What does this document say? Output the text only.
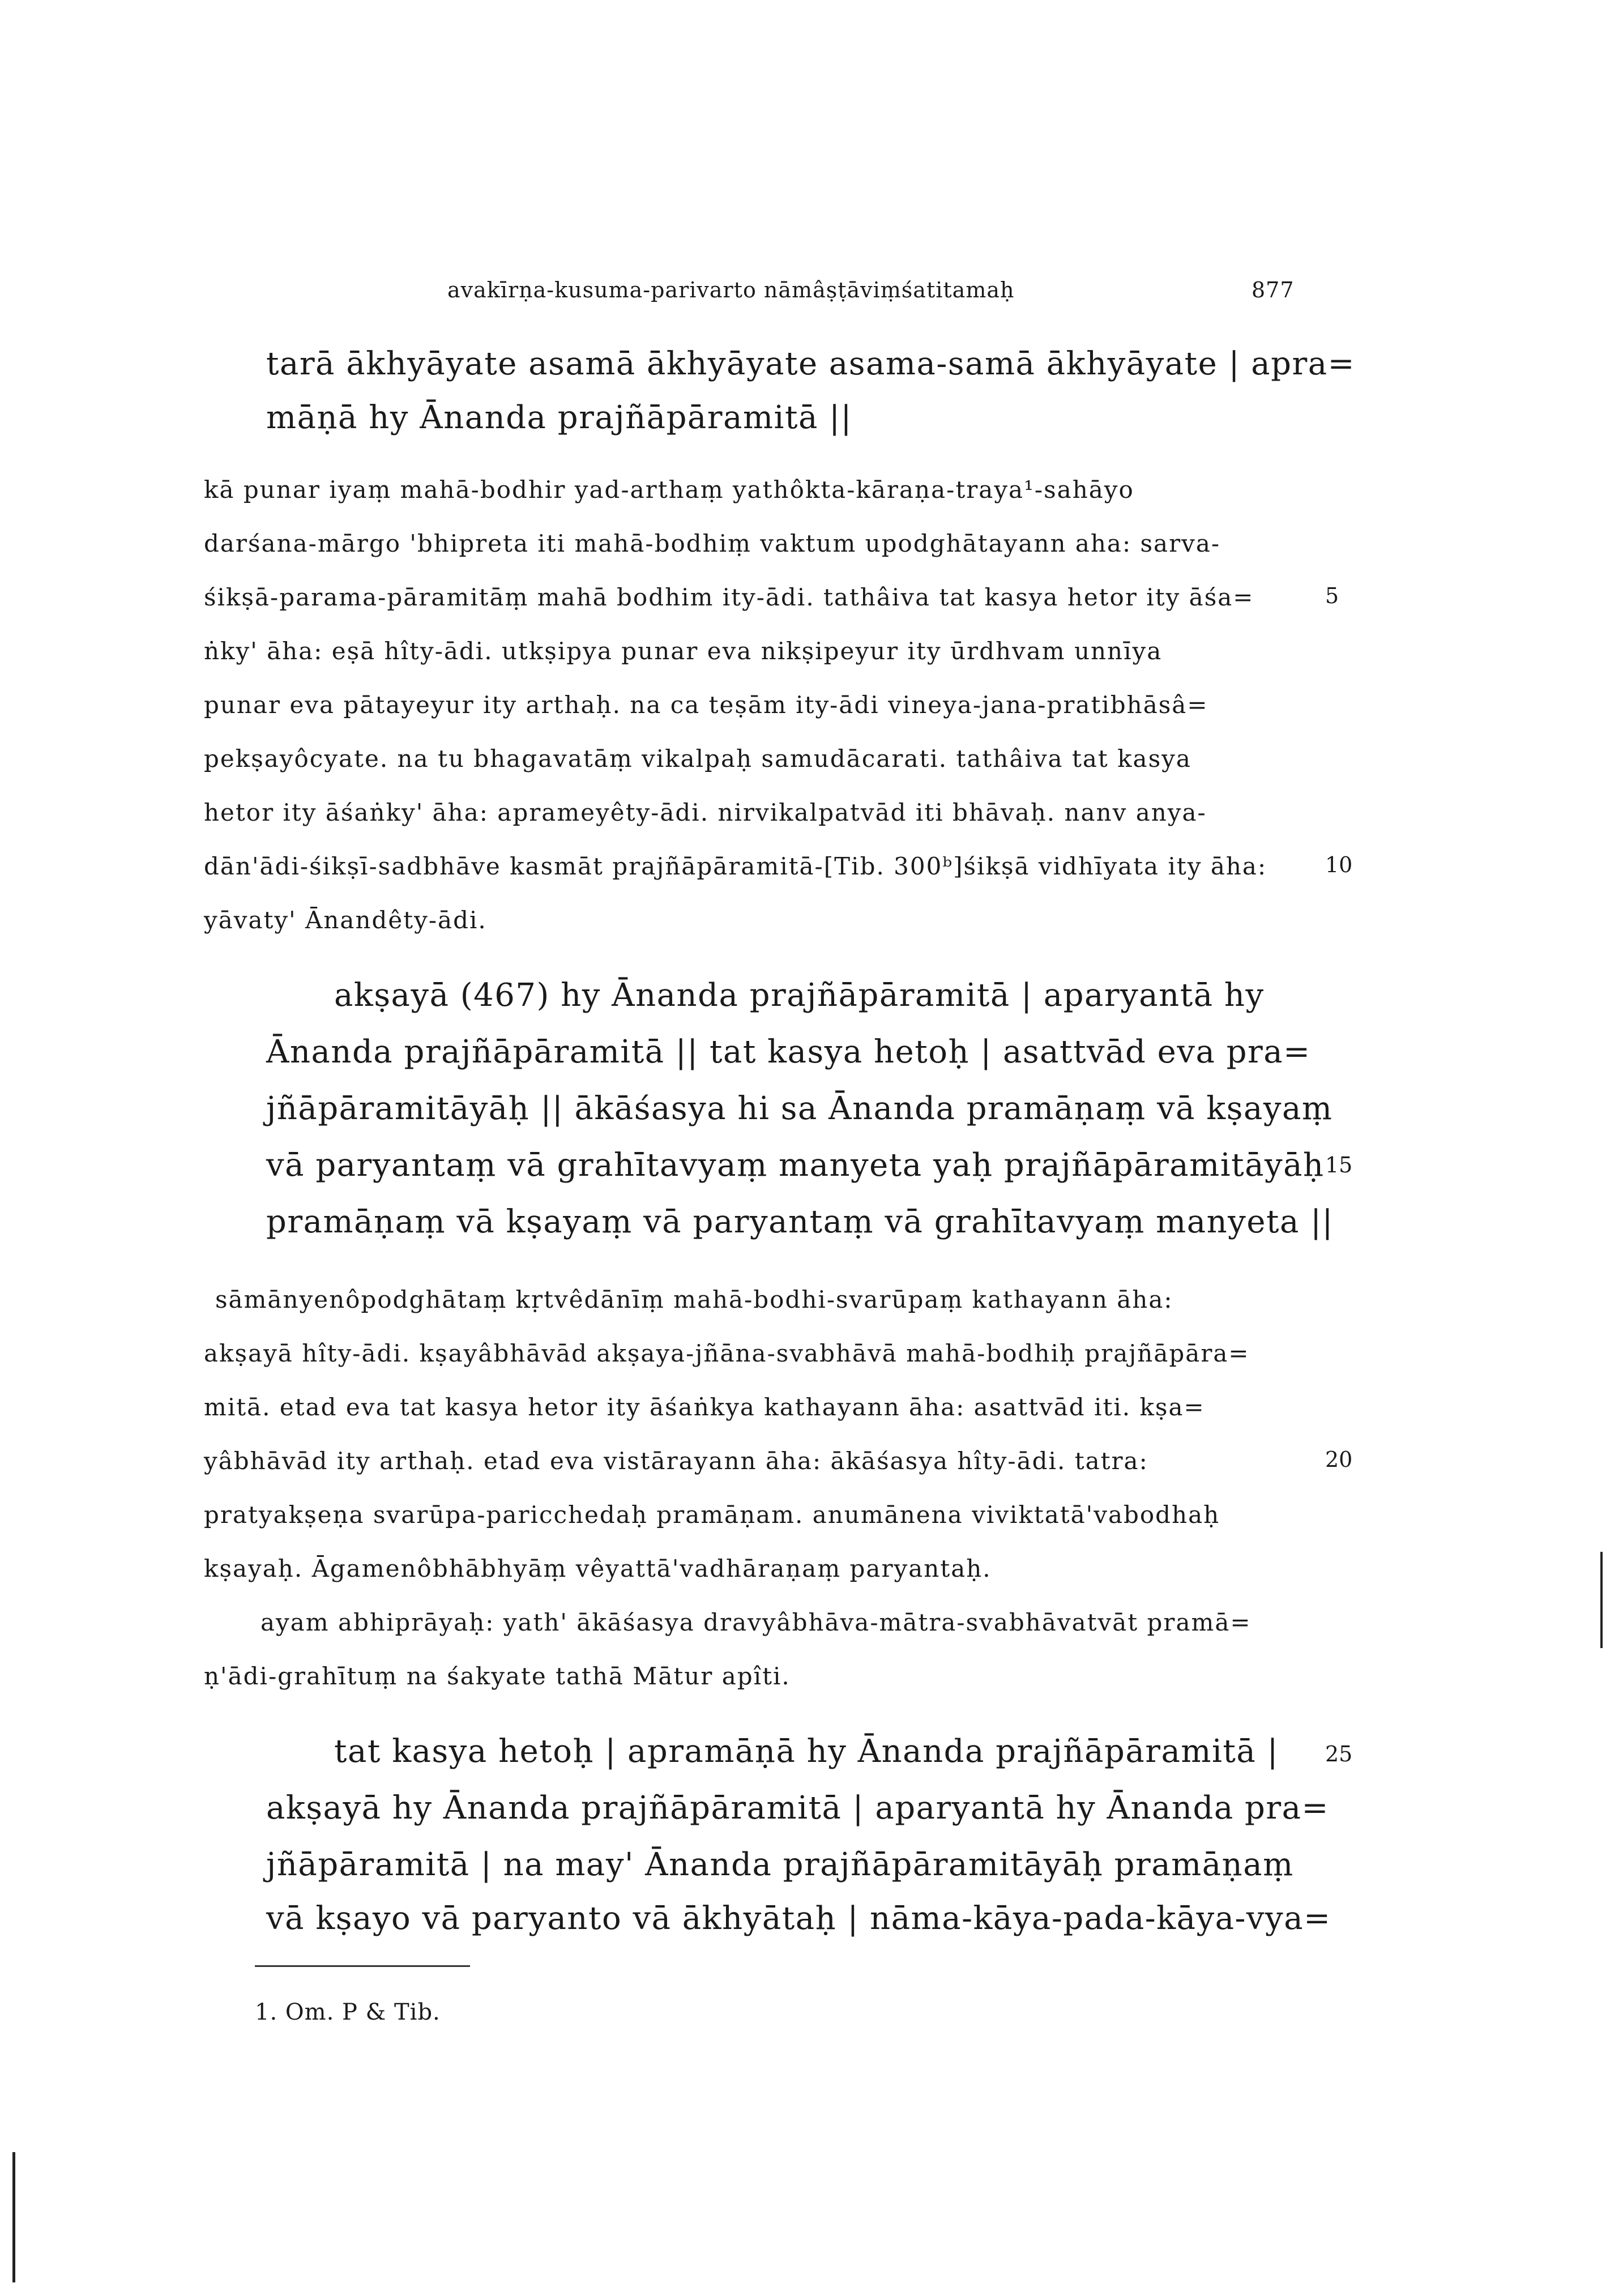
avakīrṇa-kusuma-parivarto nāmâṣṭāviṃśatitamaḥ	877
tarā ākhyāyate asamā ākhyāyate asama-samā ākhyāyate | apra=
māṇā hy Ānanda prajñāpāramitā ||
kā punar iyaṃ mahā-bodhir yad-arthaṃ yathôkta-kāraṇa-traya¹-sahāyo
darśana-mārgo 'bhipreta iti mahā-bodhiṃ vaktum upodghātayann aha: sarva-
śikṣā-parama-pāramitāṃ mahā bodhim ity-ādi. tathâiva tat kasya hetor ity āśa=
ṅky' āha: eṣā hîty-ādi. utkṣipya punar eva nikṣipeyur ity ūrdhvam unnīya
punar eva pātayeyur ity arthaḥ. na ca teṣām ity-ādi vineya-jana-pratibhāsâ=
pekṣayôcyate. na tu bhagavatāṃ vikalpaḥ samudācarati. tathâiva tat kasya
hetor ity āśaṅky' āha: aprameyêty-ādi. nirvikalpatvād iti bhāvaḥ. nanv anya-
dān'ādi-śikṣī-sadbhāve kasmāt prajñāpāramitā-[Tib. 300ᵇ]śikṣā vidhīyata ity āha:
yāvaty' Ānandêty-ādi.
5
10
akṣayā (467) hy Ānanda prajñāpāramitā | aparyantā hy
Ānanda prajñāpāramitā || tat kasya hetoḥ | asattvād eva pra=
jñāpāramitāyāḥ || ākāśasya hi sa Ānanda pramāṇaṃ vā kṣayaṃ
vā paryantaṃ vā grahītavyaṃ manyeta yaḥ prajñāpāramitāyāḥ
pramāṇaṃ vā kṣayaṃ vā paryantaṃ vā grahītavyaṃ manyeta ||
15
sāmānyenôpodghātaṃ kṛtvêdānīṃ mahā-bodhi-svarūpaṃ kathayann āha:
akṣayā hîty-ādi. kṣayâbhāvād akṣaya-jñāna-svabhāvā mahā-bodhiḥ prajñāpāra=
mitā. etad eva tat kasya hetor ity āśaṅkya kathayann āha: asattvād iti. kṣa=
yâbhāvād ity arthaḥ. etad eva vistārayann āha: ākāśasya hîty-ādi. tatra:
pratyakṣeṇa svarūpa-paricchedaḥ pramāṇam. anumānena viviktatā'vabodhaḥ
kṣayaḥ. Āgamenôbhābhyāṃ vêyattā'vadhāraṇaṃ paryantaḥ.
ayam abhiprāyaḥ: yath' ākāśasya dravyâbhāva-mātra-svabhāvatvāt pramā=
ṇ'ādi-grahītuṃ na śakyate tathā Mātur apîti.
20
tat kasya hetoḥ | apramāṇā hy Ānanda prajñāpāramitā |
akṣayā hy Ānanda prajñāpāramitā | aparyantā hy Ānanda pra=
jñāpāramitā | na may' Ānanda prajñāpāramitāyāḥ pramāṇaṃ
vā kṣayo vā paryanto vā ākhyātaḥ | nāma-kāya-pada-kāya-vya=
25
1. Om. P & Tib.
